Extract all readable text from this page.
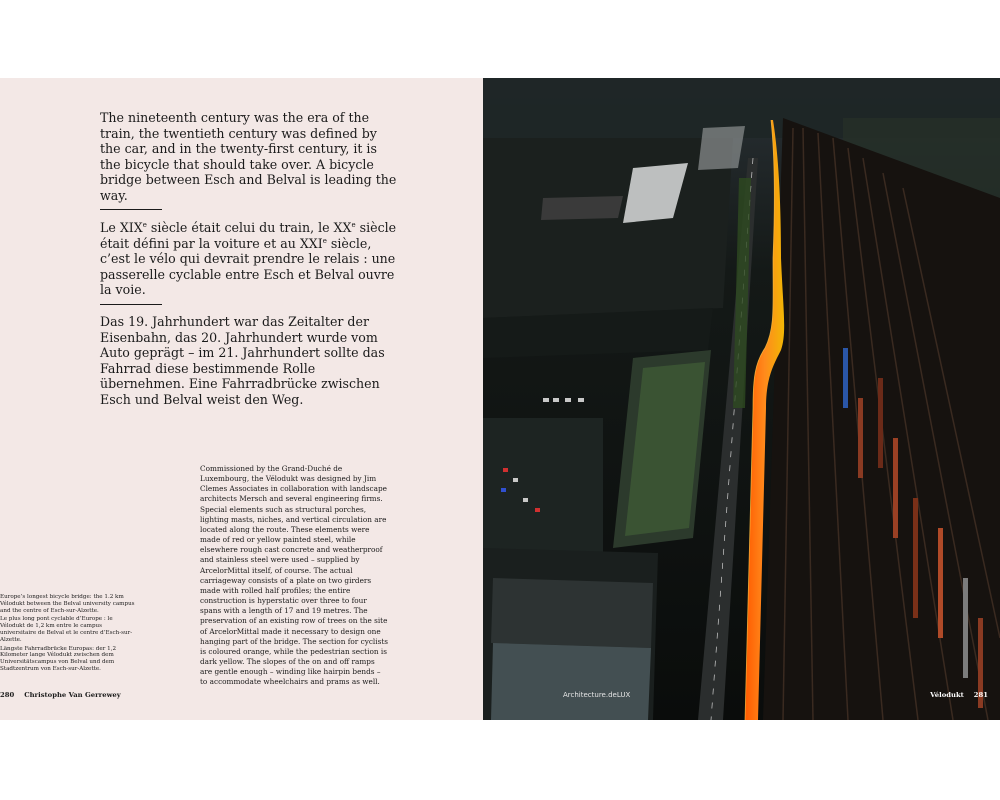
The nineteenth century was the era of the train, the twentieth century was defined by the car, and in the twenty-first century, it is the bicycle that should take over. A bicycle bridge between Esch and Belval is leading the way.

Le XIXe siècle était celui du train, le XXe siècle était défini par la voiture et au XXIe siècle, c’est le vélo qui devrait prendre le relais : une passerelle cyclable entre Esch et Belval ouvre la voie.

Das 19. Jahrhundert war das Zeitalter der Eisenbahn, das 20. Jahrhundert wurde vom Auto geprägt – im 21. Jahrhundert sollte das Fahrrad diese bestimmende Rolle übernehmen. Eine Fahrradbrücke zwischen Esch und Belval weist den Weg.

Commissioned by the Grand-Duché de Luxembourg, the Vélodukt was designed by Jim Clemes Associates in collaboration with landscape architects Mersch and several engineering firms. Special elements such as structural porches, lighting masts, niches, and vertical circulation are located along the route. These elements were made of red or yellow painted steel, while elsewhere rough cast concrete and weatherproof and stainless steel were used – supplied by ArcelorMittal itself, of course. The actual carriageway consists of a plate on two girders made with rolled half profiles; the entire construction is hyperstatic over three to four spans with a length of 17 and 19 metres. The preservation of an existing row of trees on the site of ArcelorMittal made it necessary to design one hanging part of the bridge. The section for cyclists is coloured orange, while the pedestrian section is dark yellow. The slopes of the on and off ramps are gentle enough – winding like hairpin bends – to accommodate wheelchairs and prams as well.

Europe’s longest bicycle bridge: the 1.2 km Vélodukt between the Belval university campus and the centre of Esch-sur-Alzette.

Le plus long pont cyclable d’Europe : le Vélodukt de 1,2 km entre le campus universitaire de Belval et le centre d’Esch-sur-Alzette.

Längste Fahrradbrücke Europas: der 1,2 Kilometer lange Vélodukt zwischen dem Universitätscampus von Belval und dem Stadtzentrum von Esch-sur-Alzette.

280 Christophe Van Gerrewey	Architecture.deLUX	Vélodukt 281
